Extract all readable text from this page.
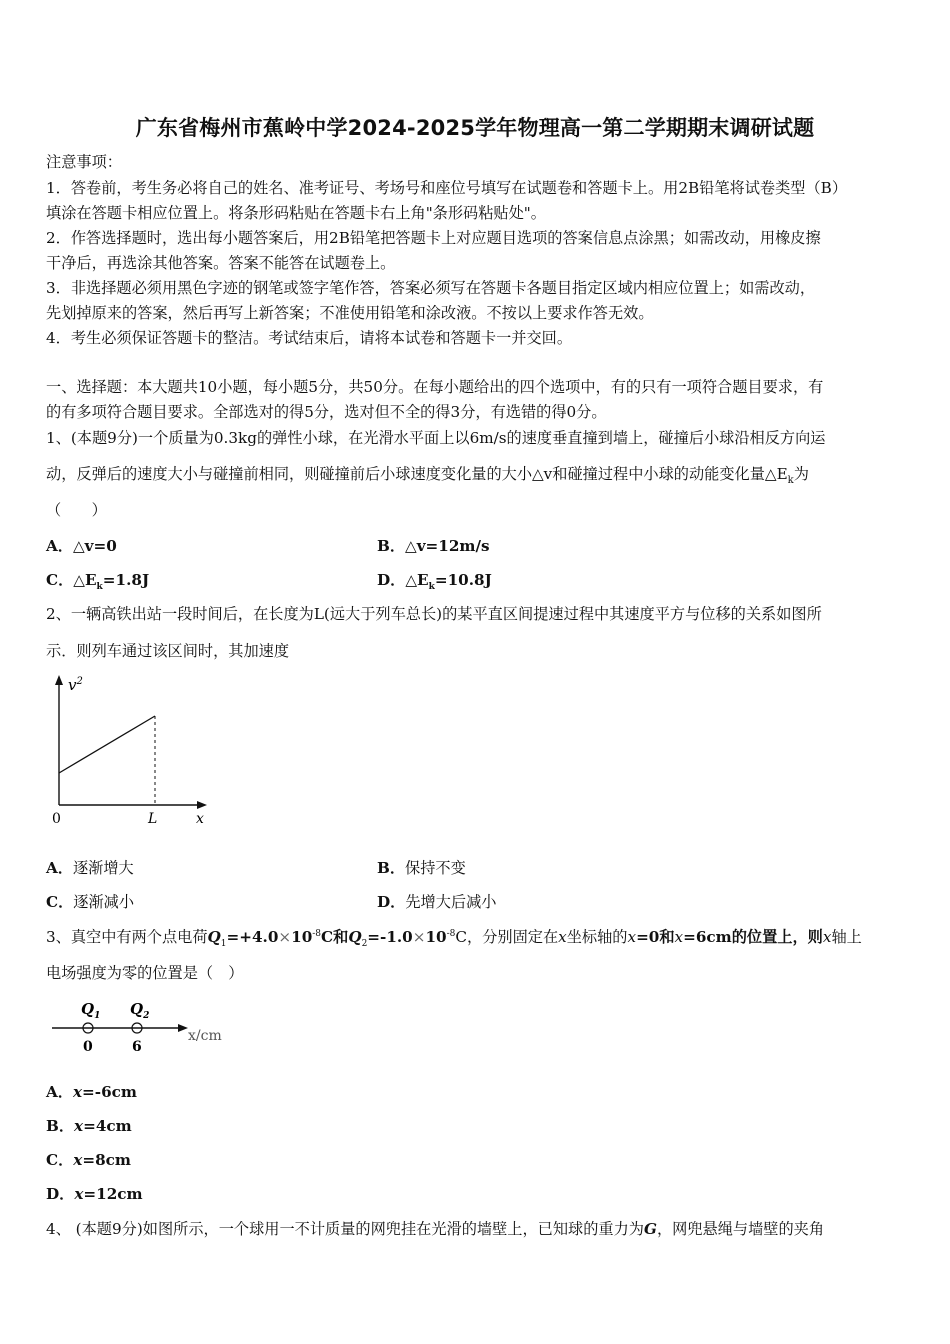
广东省梅州市蕉岭中学2024-2025学年物理高一第二学期期末调研试题
注意事项：
1．答卷前，考生务必将自己的姓名、准考证号、考场号和座位号填写在试题卷和答题卡上。用2B铅笔将试卷类型（B）
填涂在答题卡相应位置上。将条形码粘贴在答题卡右上角"条形码粘贴处"。
2．作答选择题时，选出每小题答案后，用2B铅笔把答题卡上对应题目选项的答案信息点涂黑；如需改动，用橡皮擦
干净后，再选涂其他答案。答案不能答在试题卷上。
3．非选择题必须用黑色字迹的钢笔或签字笔作答，答案必须写在答题卡各题目指定区域内相应位置上；如需改动，
先划掉原来的答案，然后再写上新答案；不准使用铅笔和涂改液。不按以上要求作答无效。
4．考生必须保证答题卡的整洁。考试结束后，请将本试卷和答题卡一并交回。
一、选择题：本大题共10小题，每小题5分，共50分。在每小题给出的四个选项中，有的只有一项符合题目要求，有
的有多项符合题目要求。全部选对的得5分，选对但不全的得3分，有选错的得0分。
1、(本题9分)一个质量为0.3kg的弹性小球，在光滑水平面上以6m/s的速度垂直撞到墙上，碰撞后小球沿相反方向运
动，反弹后的速度大小与碰撞前相同，则碰撞前后小球速度变化量的大小△v和碰撞过程中小球的动能变化量$\triangle E_k$为
（　　）
A．△v=0	B．△v=12m/s
C．$\triangle E_k=1.8J$	D．$\triangle E_k=10.8J$
2、一辆高铁出站一段时间后，在长度为L(远大于列车总长)的某平直区间提速过程中其速度平方与位移的关系如图所
示．则列车通过该区间时，其加速度
$v^2$
0	L	x
A．逐渐增大	B．保持不变
C．逐渐减小	D．先增大后减小
3、真空中有两个点电荷$Q_1=+4.0\times 10^{-8}C$和$Q_2=-1.0\times 10^{-8}C$，分别固定在x坐标轴的x=0和x=6cm的位置上，则x轴上
电场强度为零的位置是（　）
$Q_1$ $Q_2$
0	6
x/cm
A．x=-6cm
B．x=4cm
C．x=8cm
D．x=12cm
4、 (本题9分)如图所示，一个球用一不计质量的网兜挂在光滑的墙壁上，已知球的重力为G，网兜悬绳与墙壁的夹角
